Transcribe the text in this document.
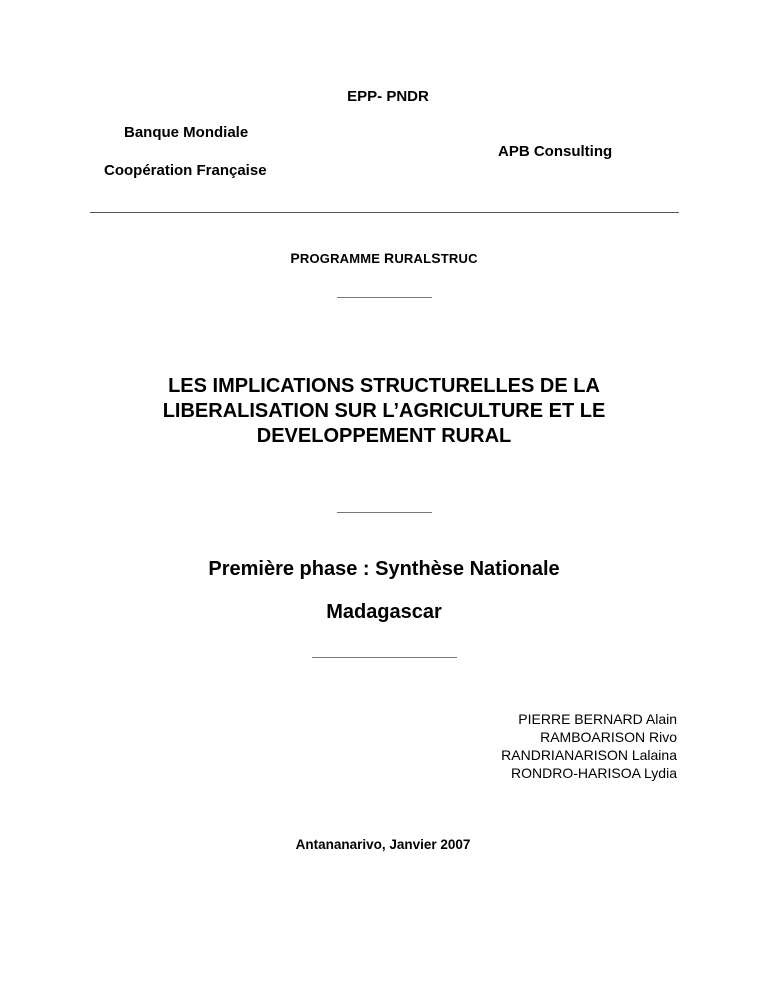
EPP- PNDR
Banque Mondiale
APB Consulting
Coopération Française
PROGRAMME RURALSTRUC
LES IMPLICATIONS STRUCTURELLES DE LA
LIBERALISATION SUR L’AGRICULTURE ET LE
DEVELOPPEMENT RURAL
Première phase : Synthèse Nationale
Madagascar
PIERRE BERNARD Alain
RAMBOARISON Rivo
RANDRIANARISON Lalaina
RONDRO-HARISOA Lydia
Antananarivo, Janvier 2007
